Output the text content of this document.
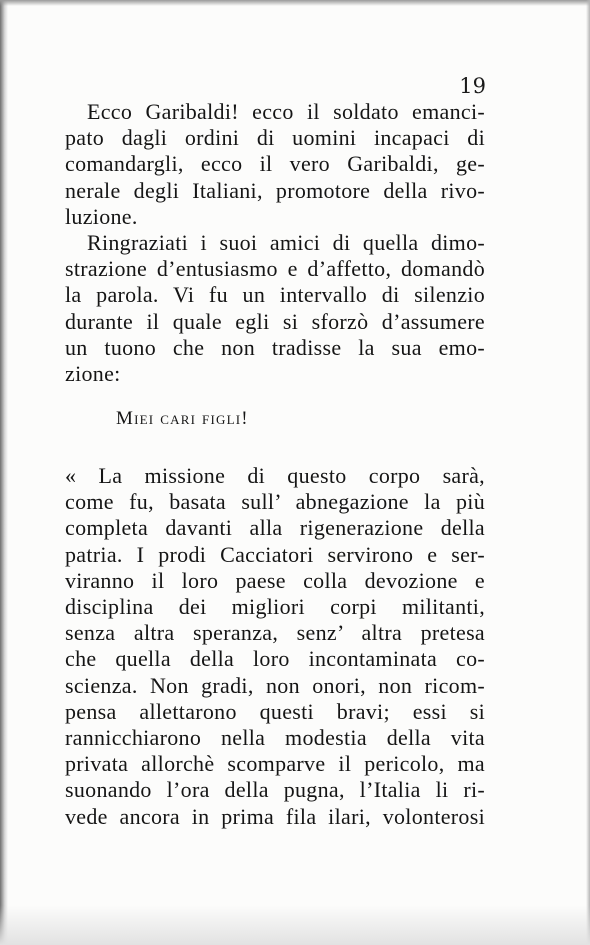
19
Ecco Garibaldi! ecco il soldato emanci-
pato dagli ordini di uomini incapaci di
comandargli, ecco il vero Garibaldi, ge-
nerale degli Italiani, promotore della rivo-
luzione.
Ringraziati i suoi amici di quella dimo-
strazione d’entusiasmo e d’affetto, domandò
la parola. Vi fu un intervallo di silenzio
durante il quale egli si sforzò d’assumere
un tuono che non tradisse la sua emo-
zione:
Miei cari figli!
« La missione di questo corpo sarà,
come fu, basata sull’ abnegazione la più
completa davanti alla rigenerazione della
patria. I prodi Cacciatori servirono e ser-
viranno il loro paese colla devozione e
disciplina dei migliori corpi militanti,
senza altra speranza, senz’ altra pretesa
che quella della loro incontaminata co-
scienza. Non gradi, non onori, non ricom-
pensa allettarono questi bravi; essi si
rannicchiarono nella modestia della vita
privata allorchè scomparve il pericolo, ma
suonando l’ora della pugna, l’Italia li ri-
vede ancora in prima fila ilari, volonterosi
